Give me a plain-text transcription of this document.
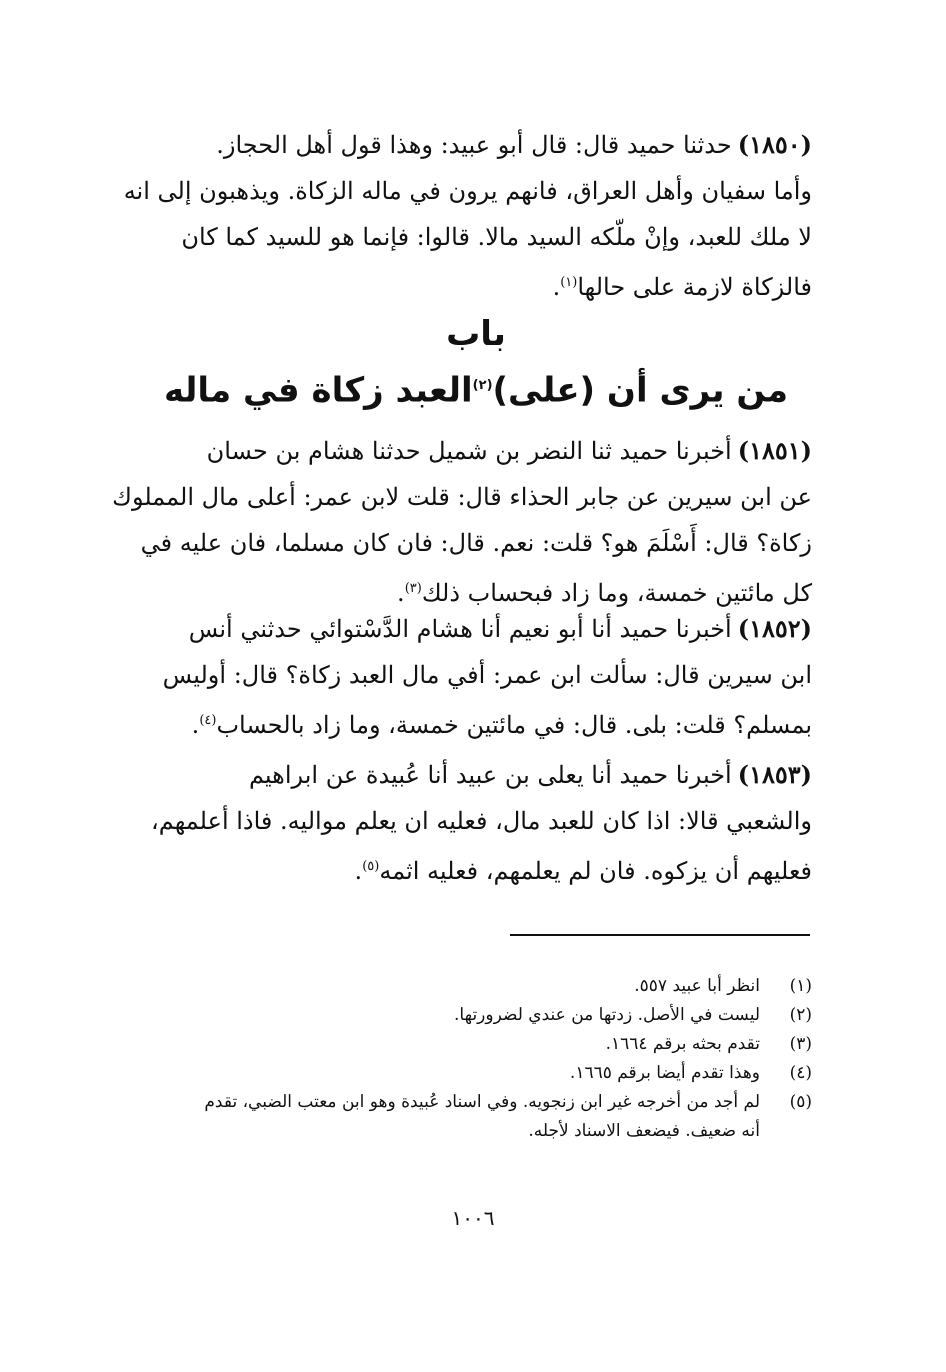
(١٨٥٠)حدثنا حميد قال: قال أبو عبيد: وهذا قول أهل الحجاز.
وأما سفيان وأهل العراق، فانهم يرون في ماله الزكاة. ويذهبون إلى انه
لا ملك للعبد، وإنْ ملّكه السيد مالا. قالوا: فإنما هو للسيد كما كان
فالزكاة لازمة على حالها$^{(١)}$.
باب
من يرى أن (على)$^{(٢)}$العبد زكاة في ماله
(١٨٥١)أخبرنا حميد ثنا النضر بن شميل حدثنا هشام بن حسان
عن ابن سيرين عن جابر الحذاء قال: قلت لابن عمر: أعلى مال المملوك
زكاة؟ قال: أَسْلَمَ هو؟ قلت: نعم. قال: فان كان مسلما، فان عليه في
كل مائتين خمسة، وما زاد فبحساب ذلك$^{(٣)}$.
(١٨٥٢)أخبرنا حميد أنا أبو نعيم أنا هشام الدَّسْتوائي حدثني أنس
ابن سيرين قال: سألت ابن عمر: أفي مال العبد زكاة؟ قال: أوليس
بمسلم؟ قلت: بلى. قال: في مائتين خمسة، وما زاد بالحساب$^{(٤)}$.
(١٨٥٣)أخبرنا حميد أنا يعلى بن عبيد أنا عُبيدة عن ابراهيم
والشعبي قالا: اذا كان للعبد مال، فعليه ان يعلم مواليه. فاذا أعلمهم،
فعليهم أن يزكوه. فان لم يعلمهم، فعليه اثمه$^{(٥)}$.
(١)
انظر أبا عبيد ٥٥٧.
(٢)
ليست في الأصل. زدتها من عندي لضرورتها.
(٣)
تقدم بحثه برقم ١٦٦٤.
(٤)
وهذا تقدم أيضا برقم ١٦٦٥.
(٥)
لم أجد من أخرجه غير ابن زنجويه. وفي اسناد عُبيدة وهو ابن معتب الضبي، تقدم
أنه ضعيف. فيضعف الاسناد لأجله.
١٠٠٦
